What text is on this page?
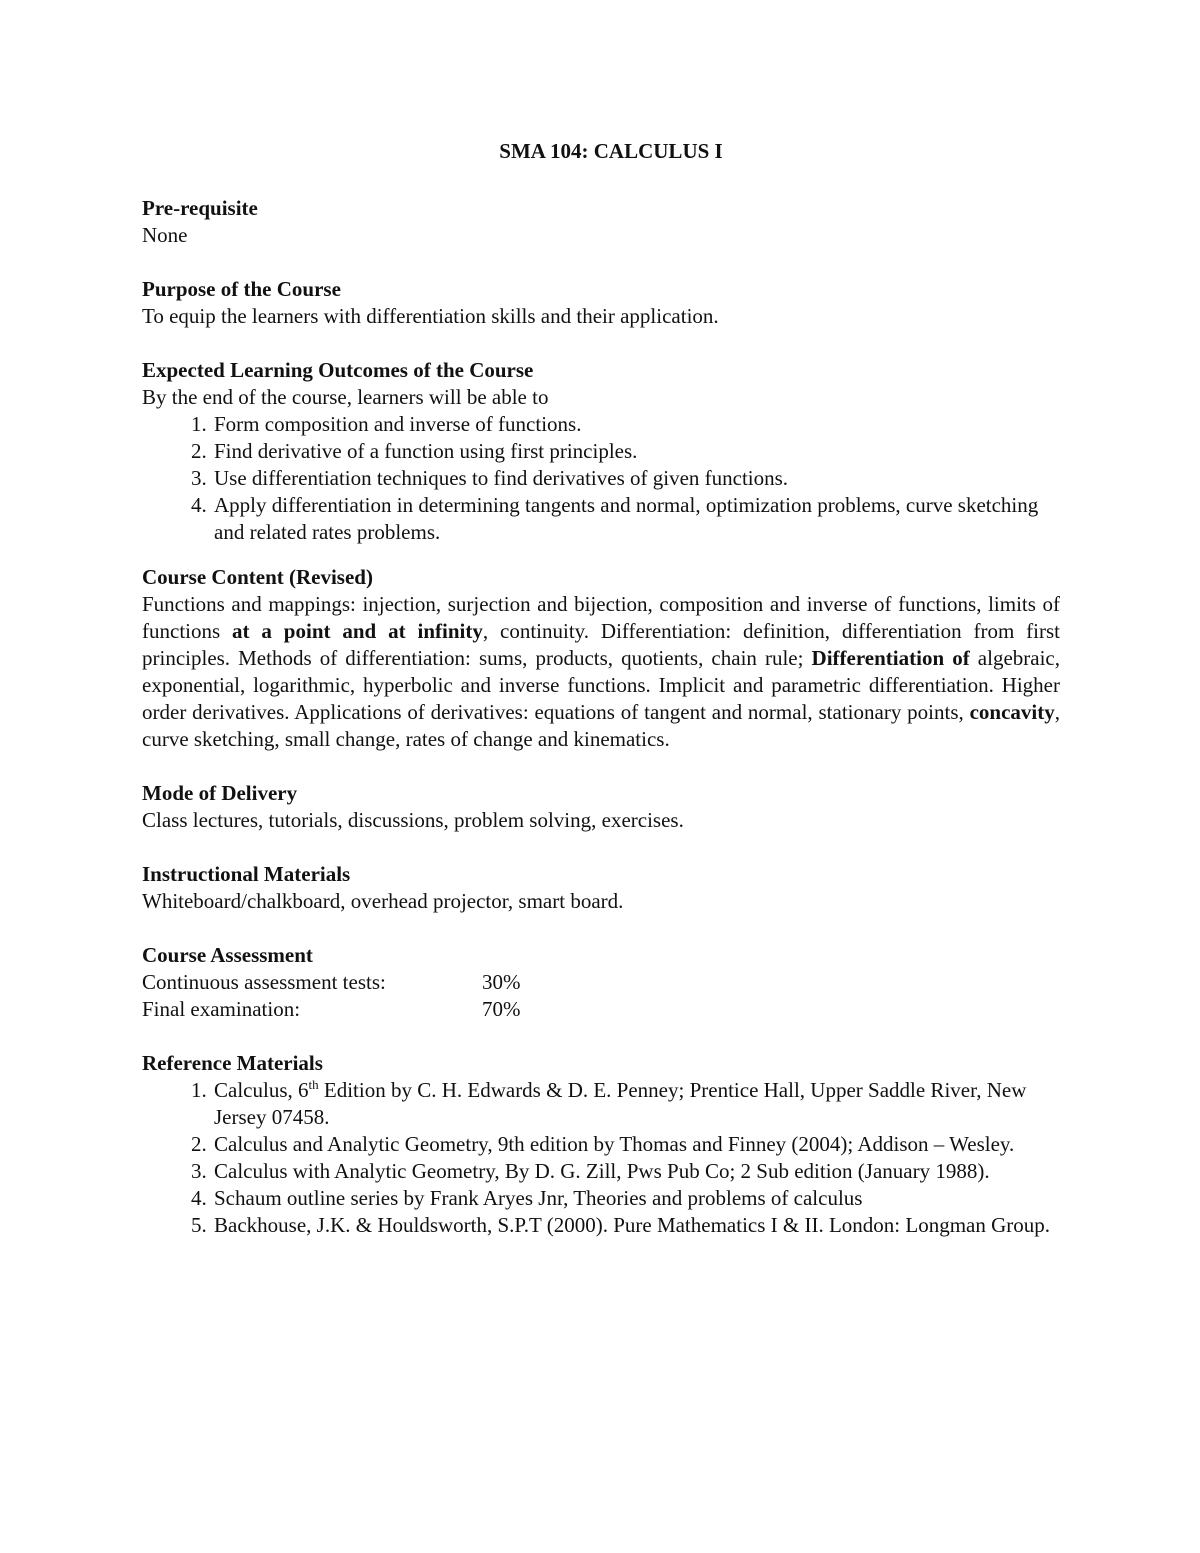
SMA 104: CALCULUS I

Pre-requisite

None

Purpose of the Course

To equip the learners with differentiation skills and their application.

Expected Learning Outcomes of the Course

By the end of the course, learners will be able to

1. Form composition and inverse of functions.
2. Find derivative of a function using first principles.
3. Use differentiation techniques to find derivatives of given functions.
4. Apply differentiation in determining tangents and normal, optimization problems, curve sketching and related rates problems.

Course Content (Revised)

Functions and mappings: injection, surjection and bijection, composition and inverse of functions, limits of functions at a point and at infinity, continuity. Differentiation: definition, differentiation from first principles. Methods of differentiation: sums, products, quotients, chain rule; Differentiation of algebraic, exponential, logarithmic, hyperbolic and inverse functions. Implicit and parametric differentiation. Higher order derivatives. Applications of derivatives: equations of tangent and normal, stationary points, concavity, curve sketching, small change, rates of change and kinematics.

Mode of Delivery

Class lectures, tutorials, discussions, problem solving, exercises.

Instructional Materials

Whiteboard/chalkboard, overhead projector, smart board.

Course Assessment

Continuous assessment tests:	30%
Final examination:	70%

Reference Materials

1. Calculus, 6th Edition by C. H. Edwards & D. E. Penney; Prentice Hall, Upper Saddle River, New Jersey 07458.
2. Calculus and Analytic Geometry, 9th edition by Thomas and Finney (2004); Addison – Wesley.
3. Calculus with Analytic Geometry, By D. G. Zill, Pws Pub Co; 2 Sub edition (January 1988).
4. Schaum outline series by Frank Aryes Jnr, Theories and problems of calculus
5. Backhouse, J.K. & Houldsworth, S.P.T (2000). Pure Mathematics I & II. London: Longman Group.
